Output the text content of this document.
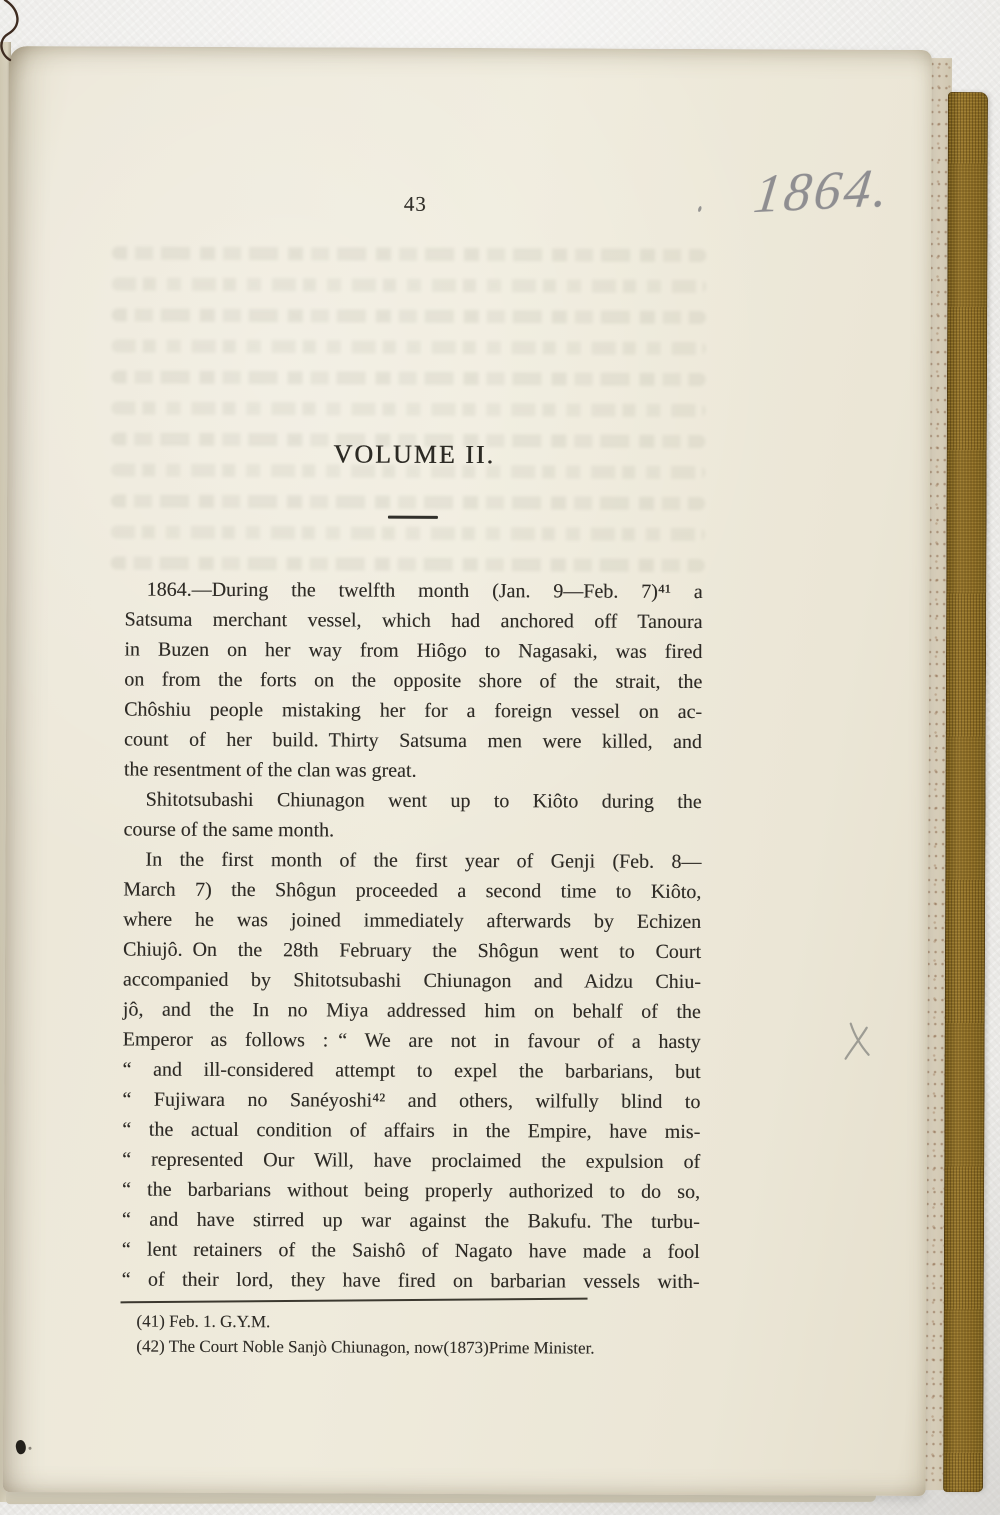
43	1864.
VOLUME II.
1864.—During the twelfth month (Jan. 9—Feb. 7)⁴¹ a
Satsuma merchant vessel, which had anchored off Tanoura
in Buzen on her way from Hiôgo to Nagasaki, was fired
on from the forts on the opposite shore of the strait, the
Chôshiu people mistaking her for a foreign vessel on ac-
count of her build. Thirty Satsuma men were killed, and
the resentment of the clan was great.
Shitotsubashi Chiunagon went up to Kiôto during the
course of the same month.
In the first month of the first year of Genji (Feb. 8—
March 7) the Shôgun proceeded a second time to Kiôto,
where he was joined immediately afterwards by Echizen
Chiujô. On the 28th February the Shôgun went to Court
accompanied by Shitotsubashi Chiunagon and Aidzu Chiu-
jô, and the In no Miya addressed him on behalf of the
Emperor as follows : “ We are not in favour of a hasty
“ and ill-considered attempt to expel the barbarians, but
“ Fujiwara no Sanéyoshi⁴² and others, wilfully blind to
“ the actual condition of affairs in the Empire, have mis-
“ represented Our Will, have proclaimed the expulsion of
“ the barbarians without being properly authorized to do so,
“ and have stirred up war against the Bakufu. The turbu-
“ lent retainers of the Saishô of Nagato have made a fool
“ of their lord, they have fired on barbarian vessels with-
(41) Feb. 1. G.Y.M.
(42) The Court Noble Sanjò Chiunagon, now(1873)Prime Minister.
